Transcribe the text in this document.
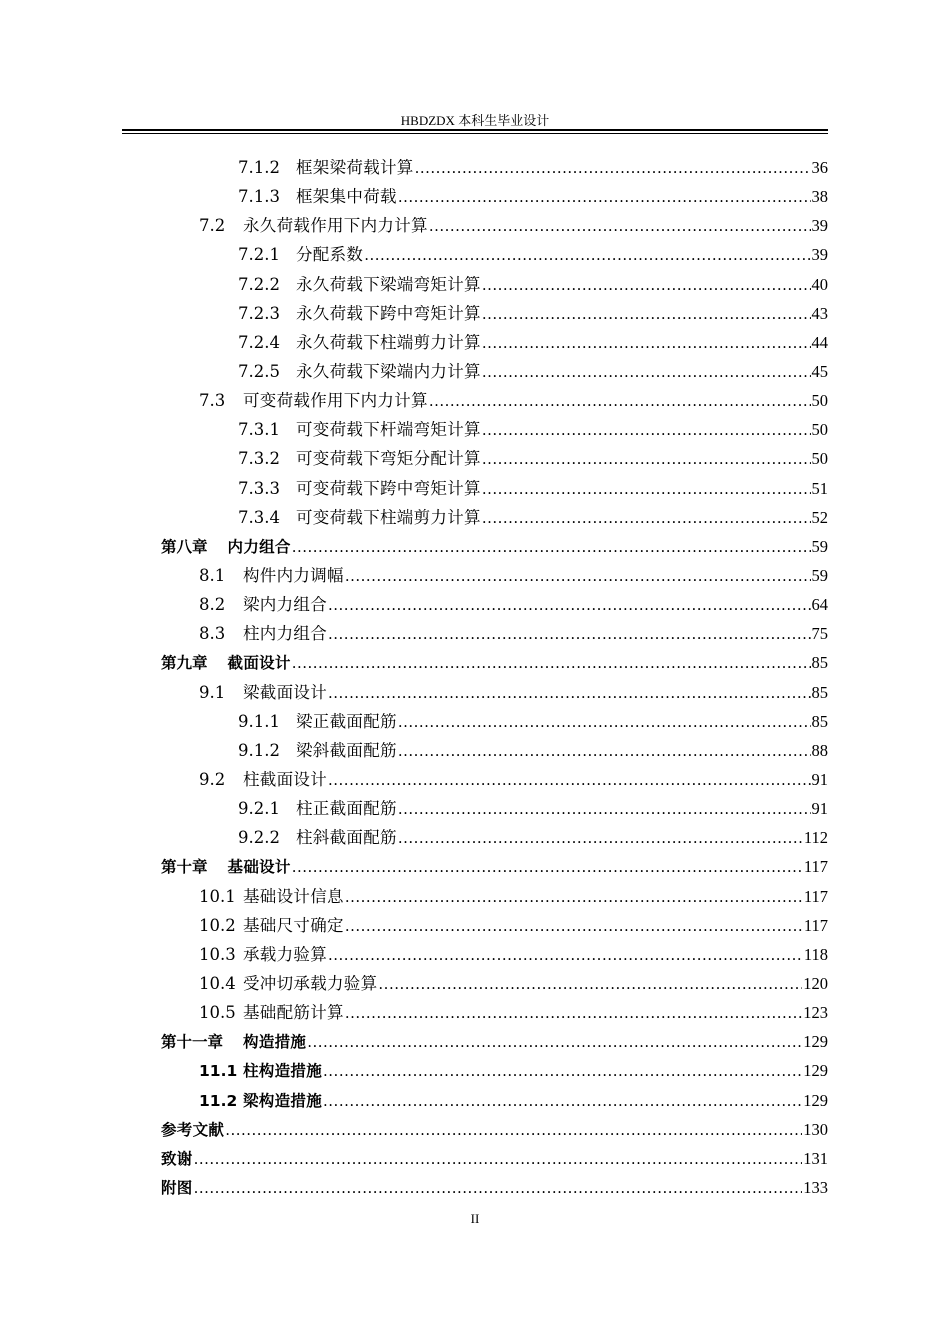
HBDZDX 本科生毕业设计
7.1.2 框架梁荷载计算 .....	36
7.1.3 框架集中荷载 .....	38
7.2	永久荷载作用下内力计算 .....	39
7.2.1 分配系数 .....	39
7.2.2 永久荷载下梁端弯矩计算 .....	40
7.2.3 永久荷载下跨中弯矩计算 .....	43
7.2.4 永久荷载下柱端剪力计算 .....	44
7.2.5 永久荷载下梁端内力计算 .....	45
7.3	可变荷载作用下内力计算 .....	50
7.3.1 可变荷载下杆端弯矩计算 .....	50
7.3.2 可变荷载下弯矩分配计算 .....	50
7.3.3 可变荷载下跨中弯矩计算 .....	51
7.3.4 可变荷载下柱端剪力计算 .....	52
第八章 内力组合 .....	59
8.1	构件内力调幅 .....	59
8.2	梁内力组合 .....	64
8.3	柱内力组合 .....	75
第九章 截面设计 .....	85
9.1	梁截面设计 .....	85
9.1.1 梁正截面配筋 .....	85
9.1.2 梁斜截面配筋 .....	88
9.2	柱截面设计 .....	91
9.2.1 柱正截面配筋 .....	91
9.2.2 柱斜截面配筋 .....	112
第十章 基础设计 .....	117
10.1 基础设计信息 .....	117
10.2 基础尺寸确定 .....	117
10.3 承载力验算 .....	118
10.4 受冲切承载力验算 .....	120
10.5 基础配筋计算 .....	123
第十一章 构造措施 .....	129
11.1 柱构造措施 .....	129
11.2 梁构造措施 .....	129
参考文献 .....	130
致谢 .....	131
附图 .....	133
II
